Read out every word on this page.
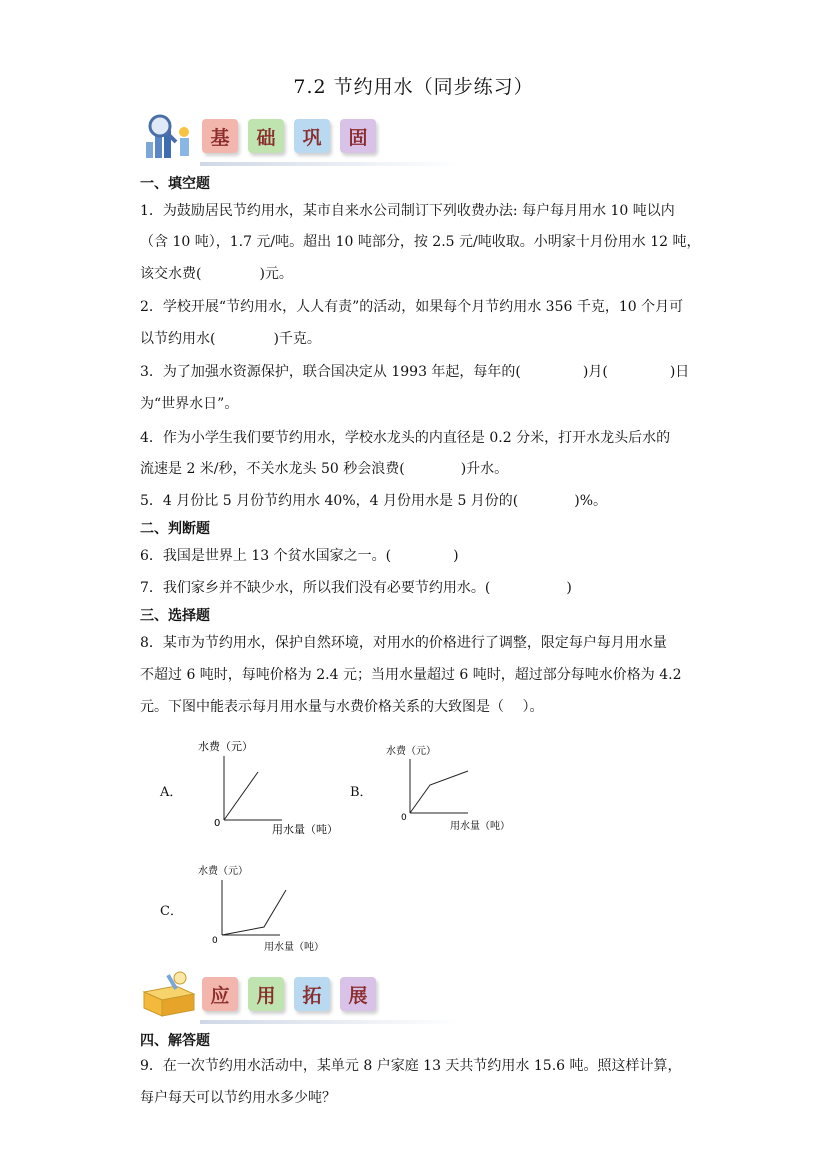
7.2 节约用水（同步练习）
基	础	巩	固
一、填空题
1．为鼓励居民节约用水，某市自来水公司制订下列收费办法: 每户每月用水 10 吨以内
（含 10 吨），1.7 元/吨。超出 10 吨部分，按 2.5 元/吨收取。小明家十月份用水 12 吨，
该交水费(	)元。
2．学校开展“节约用水，人人有责”的活动，如果每个月节约用水 356 千克，10 个月可
以节约用水(	)千克。
3．为了加强水资源保护，联合国决定从 1993 年起，每年的(	)月(	)日
为“世界水日”。
4．作为小学生我们要节约用水，学校水龙头的内直径是 0.2 分米，打开水龙头后水的
流速是 2 米/秒，不关水龙头 50 秒会浪费(	)升水。
5．4 月份比 5 月份节约用水 40%，4 月份用水是 5 月份的(	)%。
二、判断题
6．我国是世界上 13 个贫水国家之一。(	)
7．我们家乡并不缺少水，所以我们没有必要节约用水。(	)
三、选择题
8．某市为节约用水，保护自然环境，对用水的价格进行了调整，限定每户每月用水量
不超过 6 吨时，每吨价格为 2.4 元；当用水量超过 6 吨时，超过部分每吨水价格为 4.2
元。下图中能表示每月用水量与水费价格关系的大致图是（　 ）。
A．
水费（元）
0	用水量（吨）
B．
水费（元）
0
用水量（吨）
C．
水费（元）
0
用水量（吨）
应	用	拓	展
四、解答题
9．在一次节约用水活动中，某单元 8 户家庭 13 天共节约用水 15.6 吨。照这样计算，
每户每天可以节约用水多少吨？
